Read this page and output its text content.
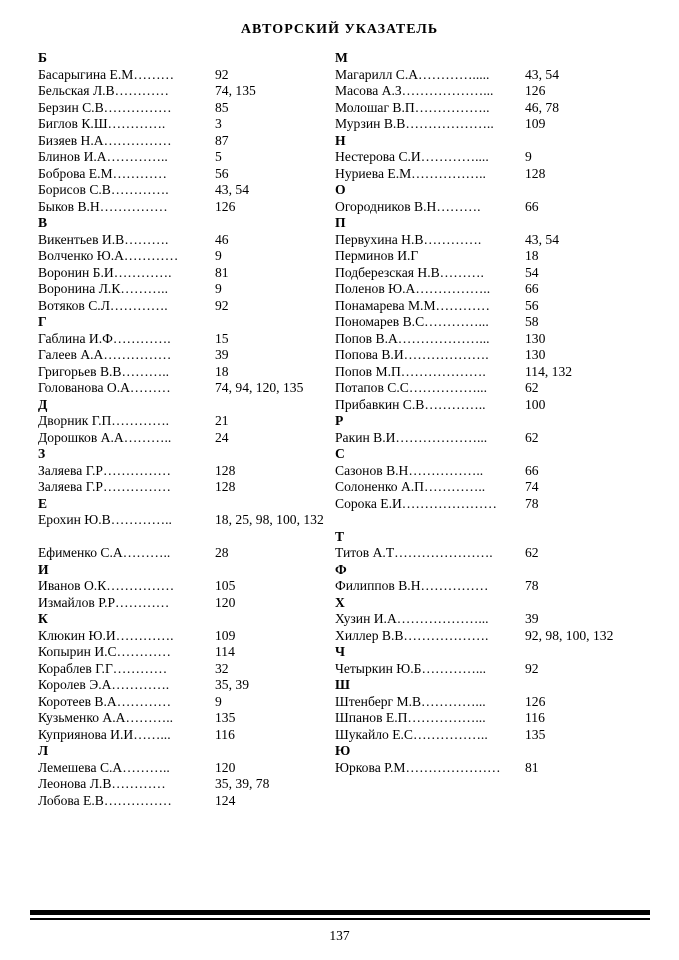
АВТОРСКИЙ УКАЗАТЕЛЬ
Б
Басарыгина Е.М………	92
Бельская Л.В…………	74, 135
Берзин С.В……………	85
Биглов К.Ш………….	3
Бизяев Н.А……………	87
Блинов И.А…………..	5
Боброва Е.М…………	56
Борисов С.В………….	43, 54
Быков В.Н……………	126
В
Викентьев И.В……….	46
Волченко Ю.А…………	9
Воронин Б.И………….	81
Воронина Л.К………..	9
Вотяков С.Л………….	92
Г
Габлина И.Ф………….	15
Галеев А.А……………	39
Григорьев В.В………..	18
Голованова О.А………	74, 94, 120, 135
Д
Дворник Г.П………….	21
Дорошков А.А………..	24
З
Заляева Г.Р……………	128
Заляева Г.Р……………	128
Е
Ерохин Ю.В…………..	18, 25, 98, 100, 132
Ефименко С.А………..	28
И
Иванов О.К……………	105
Измайлов Р.Р…………	120
К
Клюкин Ю.И………….	109
Копырин И.С…………	114
Кораблев Г.Г…………	32
Королев Э.А………….	35, 39
Коротеев В.А…………	9
Кузьменко А.А………..	135
Куприянова И.И……...	116
Л
Лемешева С.А………..	120
Леонова Л.В…………	35, 39, 78
Лобова Е.В……………	124
М
Магарилл С.А………….....	43, 54
Масова А.З………………... 126
Молошаг В.П……………..	46, 78
Мурзин В.В……………….. 109
Н
Нестерова С.И…………....	9
Нуриева Е.М……………..	128
О
Огородников В.Н……….	66
П
Первухина Н.В………….	43, 54
Перминов И.Г	18
Подберезская Н.В……….	54
Поленов Ю.А……………..	66
Понамарева М.М…………	56
Пономарев В.С…………...	58
Попов В.А………………...	130
Попова В.И……………….	130
Попов М.П……………….	114, 132
Потапов С.С……………...	62
Прибавкин С.В…………..	100
Р
Ракин В.И………………...	62
С
Сазонов В.Н……………..	66
Солоненко А.П…………..	74
Сорока Е.И………………… 78
Т
Титов А.Т…………………. 62
Ф
Филиппов В.Н……………	78
Х
Хузин И.А………………...	39
Хиллер В.В……………….	92, 98, 100, 132
Ч
Четыркин Ю.Б…………...	92
Ш
Штенберг М.В…………...	126
Шпанов Е.П……………...	116
Шукайло Е.С……………..	135
Ю
Юркова Р.М………………… 81
137
